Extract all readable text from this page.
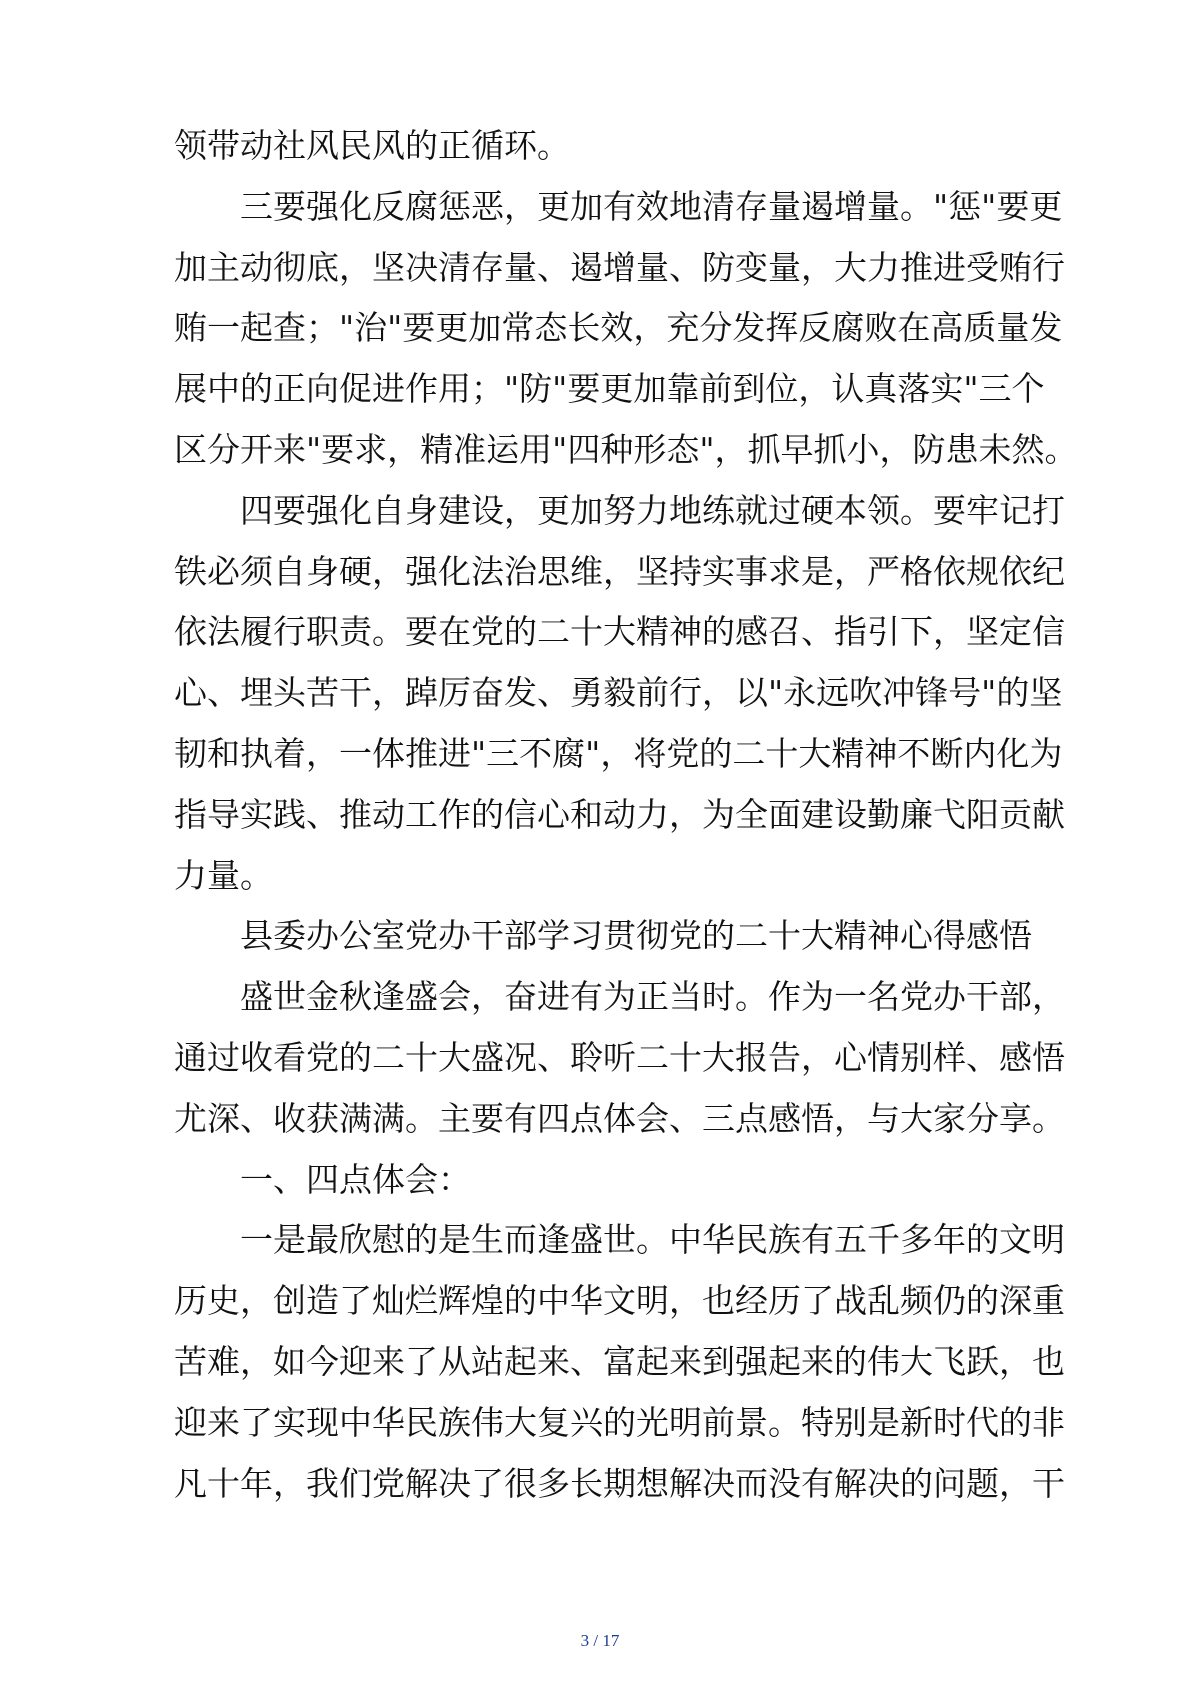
领带动社风民风的正循环。
三要强化反腐惩恶，更加有效地清存量遏增量。"惩"要更
加主动彻底，坚决清存量、遏增量、防变量，大力推进受贿行
贿一起查；"治"要更加常态长效，充分发挥反腐败在高质量发
展中的正向促进作用；"防"要更加靠前到位，认真落实"三个
区分开来"要求，精准运用"四种形态"，抓早抓小，防患未然。
四要强化自身建设，更加努力地练就过硬本领。要牢记打
铁必须自身硬，强化法治思维，坚持实事求是，严格依规依纪
依法履行职责。要在党的二十大精神的感召、指引下，坚定信
心、埋头苦干，踔厉奋发、勇毅前行，以"永远吹冲锋号"的坚
韧和执着，一体推进"三不腐"，将党的二十大精神不断内化为
指导实践、推动工作的信心和动力，为全面建设勤廉弋阳贡献
力量。
县委办公室党办干部学习贯彻党的二十大精神心得感悟
盛世金秋逢盛会，奋进有为正当时。作为一名党办干部，
通过收看党的二十大盛况、聆听二十大报告，心情别样、感悟
尤深、收获满满。主要有四点体会、三点感悟，与大家分享。
一、四点体会：
一是最欣慰的是生而逢盛世。中华民族有五千多年的文明
历史，创造了灿烂辉煌的中华文明，也经历了战乱频仍的深重
苦难，如今迎来了从站起来、富起来到强起来的伟大飞跃，也
迎来了实现中华民族伟大复兴的光明前景。特别是新时代的非
凡十年，我们党解决了很多长期想解决而没有解决的问题，干
3 / 17
